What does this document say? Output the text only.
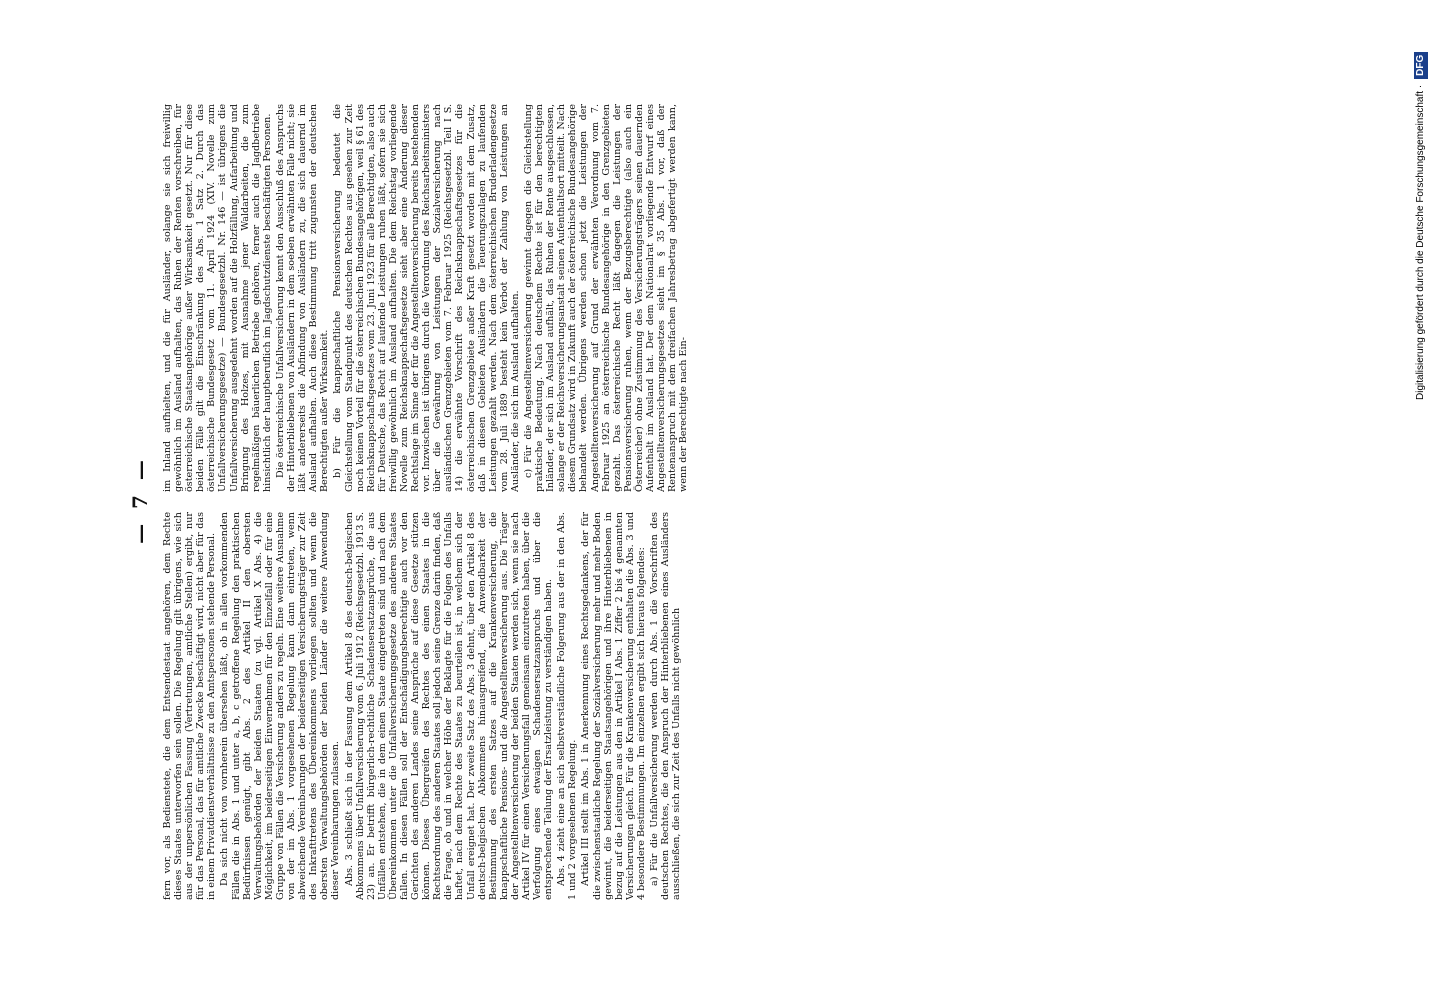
— 7 —

fern vor, als Bedienstete, die dem Entsendestaat angehören, dem Rechte dieses Staates unterworfen sein sollen. Die Regelung gilt übrigens, wie sich aus der unpersönlichen Fassung (Vertretungen, amtliche Stellen) ergibt, nur für das Personal, das für amtliche Zwecke beschäftigt wird, nicht aber für das in einem Privatdienstverhältnisse zu den Amtspersonen stehende Personal. Da sich nicht von vornherein übersehen läßt, ob in allen vorkommenden Fällen die in Abs. 1 und unter a, b, c getroffene Regelung den praktischen Bedürfnissen genügt, gibt Abs. 2 des Artikel II den obersten Verwaltungsbehörden der beiden Staaten (zu vgl. Artikel X Abs. 4) die Möglichkeit, im beiderseitigen Einvernehmen für den Einzelfall oder für eine Gruppe von Fällen die Versicherung anders zu regeln. Eine weitere Ausnahme von der im Abs. 1 vorgesehenen Regelung kann dann eintreten, wenn abweichende Vereinbarungen der beiderseitigen Versicherungsträger zur Zeit des Inkrafttretens des Übereinkommens vorliegen sollten und wenn die obersten Verwaltungsbehörden der beiden Länder die weitere Anwendung dieser Vereinbarungen zulassen. Abs. 3 schließt sich in der Fassung dem Artikel 8 des deutsch-belgischen Abkommens über Unfallversicherung vom 6. Juli 1912 (Reichsgesetzbl. 1913 S. 23) an. Er betrifft bürgerlich-rechtliche Schadensersatzansprüche, die aus Unfällen entstehen, die in dem einen Staate eingetreten sind und nach dem Übereinkommen unter die Unfallversicherungsgesetze des anderen Staates fallen. In diesen Fällen soll der Entschädigungsberechtigte auch vor den Gerichten des anderen Landes seine Ansprüche auf diese Gesetze stützen können. Dieses Übergreifen des Rechtes des einen Staates in die Rechtsordnung des anderen Staates soll jedoch seine Grenze darin finden, daß die Frage, ob und in welcher Höhe der Beklagte für die Folgen des Unfalls haftet, nach dem Rechte des Staates zu beurteilen ist, in welchem sich der Unfall ereignet hat. Der zweite Satz des Abs. 3 dehnt, über den Artikel 8 des deutsch-belgischen Abkommens hinausgreifend, die Anwendbarkeit der Bestimmung des ersten Satzes auf die Krankenversicherung, die knappschaftliche Pensions- und die Angestelltenversicherung aus. Die Träger der Angestelltenversicherung der beiden Staaten werden sich, wenn sie nach Artikel IV für einen Versicherungsfall gemeinsam einzutreten haben, über die Verfolgung eines etwaigen Schadensersatzanspruchs und über die entsprechende Teilung der Ersatzleistung zu verständigen haben. Abs. 4 zieht eine an sich selbstverständliche Folgerung aus der in den Abs. 1 und 2 vorgesehenen Regelung. Artikel III stellt im Abs. 1 in Anerkennung eines Rechtsgedankens, der für die zwischenstaatliche Regelung der Sozialversicherung mehr und mehr Boden gewinnt, die beiderseitigen Staatsangehörigen und ihre Hinterbliebenen in bezug auf die Leistungen aus den in Artikel I Abs. 1 Ziffer 2 bis 4 genannten Versicherungen gleich. Für die Krankenversicherung enthalten die Abs. 3 und 4 besondere Bestimmungen. Im einzelnen ergibt sich hieraus folgendes: a) Für die Unfallversicherung werden durch Abs. 1 die Vorschriften des deutschen Rechtes, die den Anspruch der Hinterbliebenen eines Ausländers ausschließen, die sich zur Zeit des Unfalls nicht gewöhnlich

im Inland aufhielten, und die für Ausländer, solange sie sich freiwillig gewöhnlich im Ausland aufhalten, das Ruhen der Renten vorschreiben, für österreichische Staatsangehörige außer Wirksamkeit gesetzt. Nur für diese beiden Fälle gilt die Einschränkung des Abs. 1 Satz 2. Durch das österreichische Bundesgesetz vom 11. April 1924 (XIV. Novelle zum Unfallversicherungsgesetze) — Bundesgesetzbl. Nr. 146 — ist übrigens die Unfallversicherung ausgedehnt worden auf die Holzfällung, Aufarbeitung und Bringung des Holzes, mit Ausnahme jener Waldarbeiten, die zum regelmäßigen bäuerlichen Betriebe gehören, ferner auch die Jagdbetriebe hinsichtlich der hauptberuflich im Jagdschutzdienste beschäftigten Personen. Die österreichische Unfallversicherung kennt den Ausschluß des Anspruchs der Hinterbliebenen von Ausländern in dem soeben erwähnten Falle nicht; sie läßt andererseits die Abfindung von Ausländern zu, die sich dauernd im Ausland aufhalten. Auch diese Bestimmung tritt zugunsten der deutschen Berechtigten außer Wirksamkeit. b) Für die knappschaftliche Pensionsversicherung bedeutet die Gleichstellung vom Standpunkt des deutschen Rechtes aus gesehen zur Zeit noch keinen Vorteil für die österreichischen Bundesangehörigen, weil § 61 des Reichsknappschaftsgesetzes vom 23. Juni 1923 für alle Berechtigten, also auch für Deutsche, das Recht auf laufende Leistungen ruhen läßt, sofern sie sich freiwillig gewöhnlich im Ausland aufhalten. Die dem Reichstag vorliegende Novelle zum Reichsknappschaftsgesetze sieht aber eine Änderung dieser Rechtslage im Sinne der für die Angestelltenversicherung bereits bestehenden vor. Inzwischen ist übrigens durch die Verordnung des Reichsarbeitsministers über die Gewährung von Leistungen der Sozialversicherung nach ausländischen Grenzgebieten vom 7. Februar 1925 (Reichsgesetzbl. Teil I S. 14) die erwähnte Vorschrift des Reichsknappschaftsgesetzes für die österreichischen Grenzgebiete außer Kraft gesetzt worden mit dem Zusatz, daß in diesen Gebieten Ausländern die Teuerungszulagen zu laufenden Leistungen gezahlt werden. Nach dem österreichischen Bruderladengesetze vom 28. Juli 1889 besteht kein Verbot der Zahlung von Leistungen an Ausländer, die sich im Ausland aufhalten. c) Für die Angestelltenversicherung gewinnt dagegen die Gleichstellung praktische Bedeutung. Nach deutschem Rechte ist für den berechtigten Inländer, der sich im Ausland aufhält, das Ruhen der Rente ausgeschlossen, solange er der Reichsversicherungsanstalt seinen Aufenthaltsort mitteilt. Nach diesem Grundsatz wird in Zukunft auch der österreichische Bundesangehörige behandelt werden. Übrigens werden schon jetzt die Leistungen der Angestelltenversicherung auf Grund der erwähnten Verordnung vom 7. Februar 1925 an österreichische Bundesangehörige in den Grenzgebieten gezahlt. Das österreichische Recht läßt dagegen die Leistungen der Pensionsversicherung ruhen, wenn der Bezugsberechtigte (also auch ein Österreicher) ohne Zustimmung des Versicherungsträgers seinen dauernden Aufenthalt im Ausland hat. Der dem Nationalrat vorliegende Entwurf eines Angestelltenversicherungsgesetzes sieht im § 35 Abs. 1 vor, daß der Rentenanspruch mit dem dreifachen Jahresbetrag abgefertigt werden kann, wenn der Berechtigte nach Ein-

Digitalisierung gefördert durch die Deutsche Forschungsgemeinschaft ·DFG
